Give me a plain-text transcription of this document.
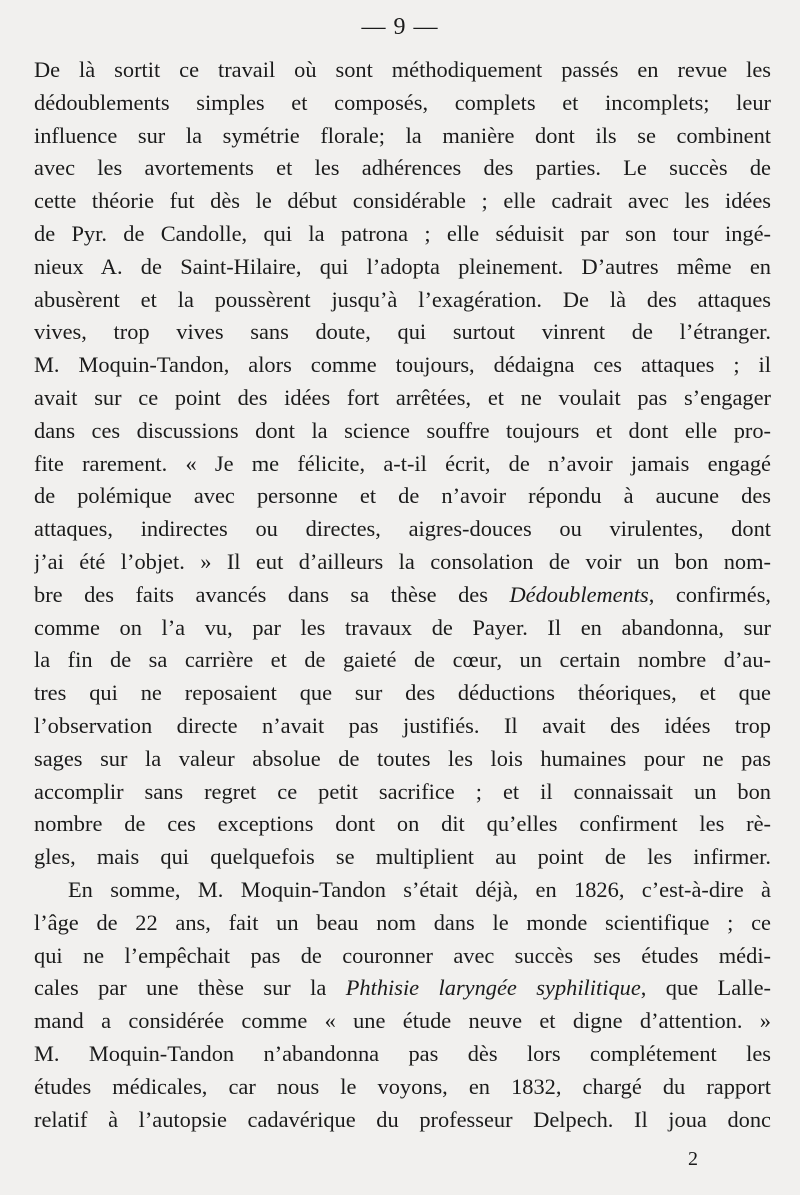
— 9 —
De là sortit ce travail où sont méthodiquement passés en revue les
dédoublements simples et composés, complets et incomplets; leur
influence sur la symétrie florale; la manière dont ils se combinent
avec les avortements et les adhérences des parties. Le succès de
cette théorie fut dès le début considérable ; elle cadrait avec les idées
de Pyr. de Candolle, qui la patrona ; elle séduisit par son tour ingé-
nieux A. de Saint-Hilaire, qui l’adopta pleinement. D’autres même en
abusèrent et la poussèrent jusqu’à l’exagération. De là des attaques
vives, trop vives sans doute, qui surtout vinrent de l’étranger.
M. Moquin-Tandon, alors comme toujours, dédaigna ces attaques ; il
avait sur ce point des idées fort arrêtées, et ne voulait pas s’engager
dans ces discussions dont la science souffre toujours et dont elle pro-
fite rarement. « Je me félicite, a-t-il écrit, de n’avoir jamais engagé
de polémique avec personne et de n’avoir répondu à aucune des
attaques, indirectes ou directes, aigres-douces ou virulentes, dont
j’ai été l’objet. » Il eut d’ailleurs la consolation de voir un bon nom-
bre des faits avancés dans sa thèse des Dédoublements, confirmés,
comme on l’a vu, par les travaux de Payer. Il en abandonna, sur
la fin de sa carrière et de gaieté de cœur, un certain nombre d’au-
tres qui ne reposaient que sur des déductions théoriques, et que
l’observation directe n’avait pas justifiés. Il avait des idées trop
sages sur la valeur absolue de toutes les lois humaines pour ne pas
accomplir sans regret ce petit sacrifice ; et il connaissait un bon
nombre de ces exceptions dont on dit qu’elles confirment les rè-
gles, mais qui quelquefois se multiplient au point de les infirmer.
En somme, M. Moquin-Tandon s’était déjà, en 1826, c’est-à-dire à
l’âge de 22 ans, fait un beau nom dans le monde scientifique ; ce
qui ne l’empêchait pas de couronner avec succès ses études médi-
cales par une thèse sur la Phthisie laryngée syphilitique, que Lalle-
mand a considérée comme « une étude neuve et digne d’attention. »
M. Moquin-Tandon n’abandonna pas dès lors complétement les
études médicales, car nous le voyons, en 1832, chargé du rapport
relatif à l’autopsie cadavérique du professeur Delpech. Il joua donc
2
